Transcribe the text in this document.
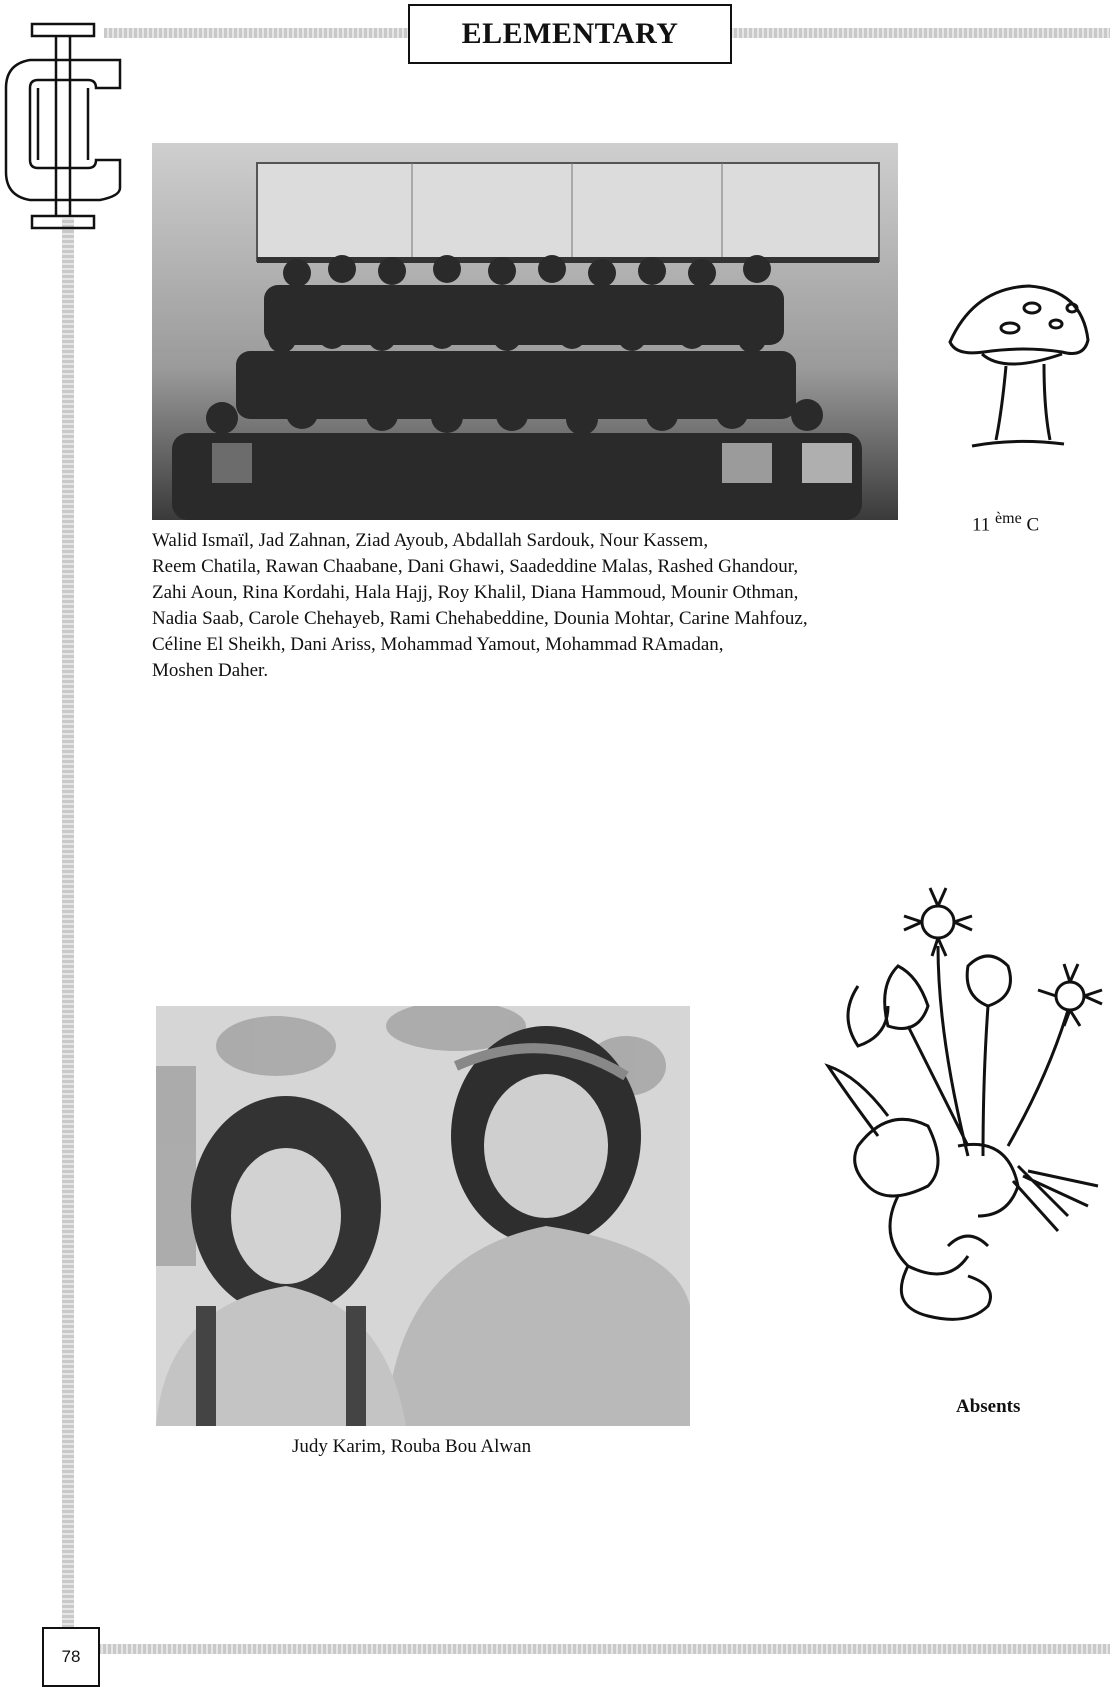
ELEMENTARY
11 $^{ème}$ C
Walid Ismaïl, Jad Zahnan, Ziad Ayoub, Abdallah Sardouk, Nour Kassem,
Reem Chatila, Rawan Chaabane, Dani Ghawi, Saadeddine Malas, Rashed Ghandour,
Zahi Aoun, Rina Kordahi, Hala Hajj, Roy Khalil, Diana Hammoud, Mounir Othman,
Nadia Saab, Carole Chehayeb, Rami Chehabeddine, Dounia Mohtar, Carine Mahfouz,
Céline El Sheikh, Dani Ariss, Mohammad Yamout, Mohammad RAmadan,
Moshen Daher.
Judy Karim, Rouba Bou Alwan
Absents
78
